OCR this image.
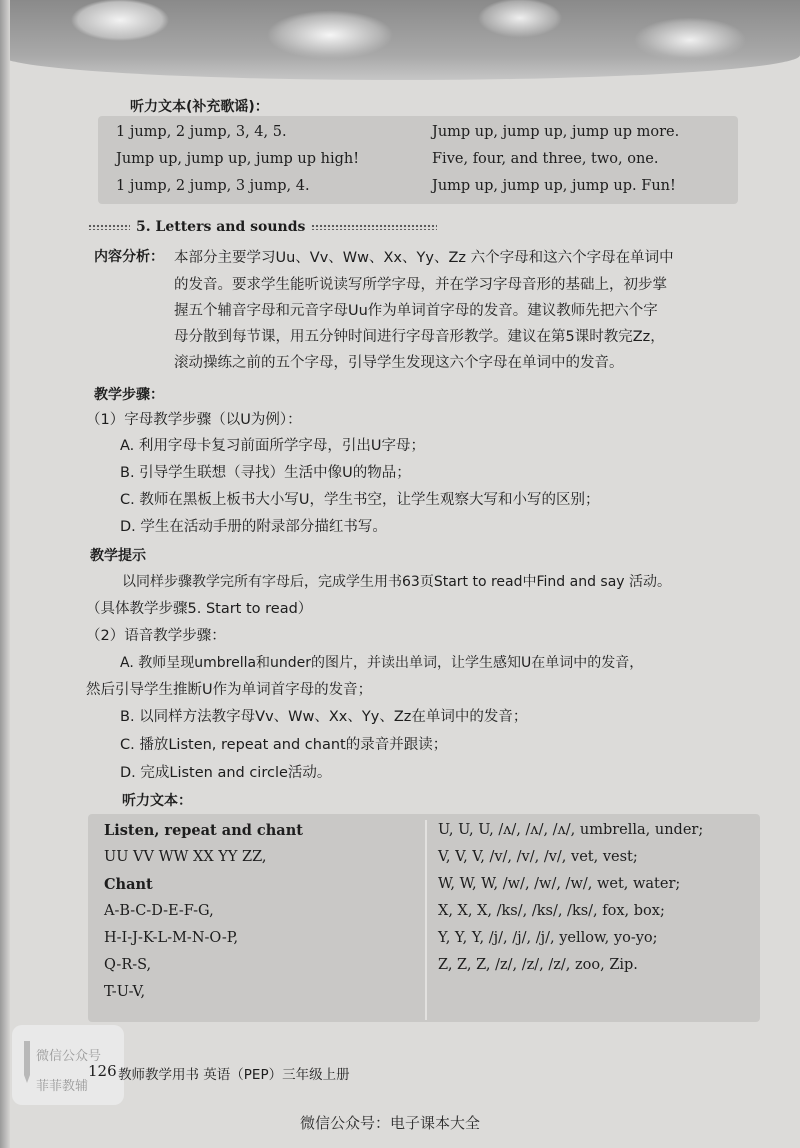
听力文本(补充歌谣)：
1 jump, 2 jump, 3, 4, 5.
Jump up, jump up, jump up high!
1 jump, 2 jump, 3 jump, 4.
Jump up, jump up, jump up more.
Five, four, and three, two, one.
Jump up, jump up, jump up. Fun!
5. Letters and sounds
内容分析： 本部分主要学习Uu、Vv、Ww、Xx、Yy、Zz 六个字母和这六个字母在单词中
的发音。要求学生能听说读写所学字母，并在学习字母音形的基础上，初步掌
握五个辅音字母和元音字母Uu作为单词首字母的发音。建议教师先把六个字
母分散到每节课，用五分钟时间进行字母音形教学。建议在第5课时教完Zz，
滚动操练之前的五个字母，引导学生发现这六个字母在单词中的发音。
教学步骤：
（1）字母教学步骤（以U为例）：
A. 利用字母卡复习前面所学字母，引出U字母；
B. 引导学生联想（寻找）生活中像U的物品；
C. 教师在黑板上板书大小写U，学生书空，让学生观察大写和小写的区别；
D. 学生在活动手册的附录部分描红书写。
教学提示
以同样步骤教学完所有字母后，完成学生用书63页Start to read中Find and say 活动。
（具体教学步骤5. Start to read）
（2）语音教学步骤：
A. 教师呈现umbrella和under的图片，并读出单词，让学生感知U在单词中的发音，
然后引导学生推断U作为单词首字母的发音；
B. 以同样方法教字母Vv、Ww、Xx、Yy、Zz在单词中的发音；
C. 播放Listen, repeat and chant的录音并跟读；
D. 完成Listen and circle活动。
听力文本：
Listen, repeat and chant
UU VV WW XX YY ZZ,
Chant
A-B-C-D-E-F-G,
H-I-J-K-L-M-N-O-P,
Q-R-S,
T-U-V,
U, U, U, /ʌ/, /ʌ/, /ʌ/, umbrella, under;
V, V, V, /v/, /v/, /v/, vet, vest;
W, W, W, /w/, /w/, /w/, wet, water;
X, X, X, /ks/, /ks/, /ks/, fox, box;
Y, Y, Y, /j/, /j/, /j/, yellow, yo-yo;
Z, Z, Z, /z/, /z/, /z/, zoo, Zip.
微信公众号
菲菲教辅
126 教师教学用书 英语（PEP）三年级上册
微信公众号：电子课本大全
